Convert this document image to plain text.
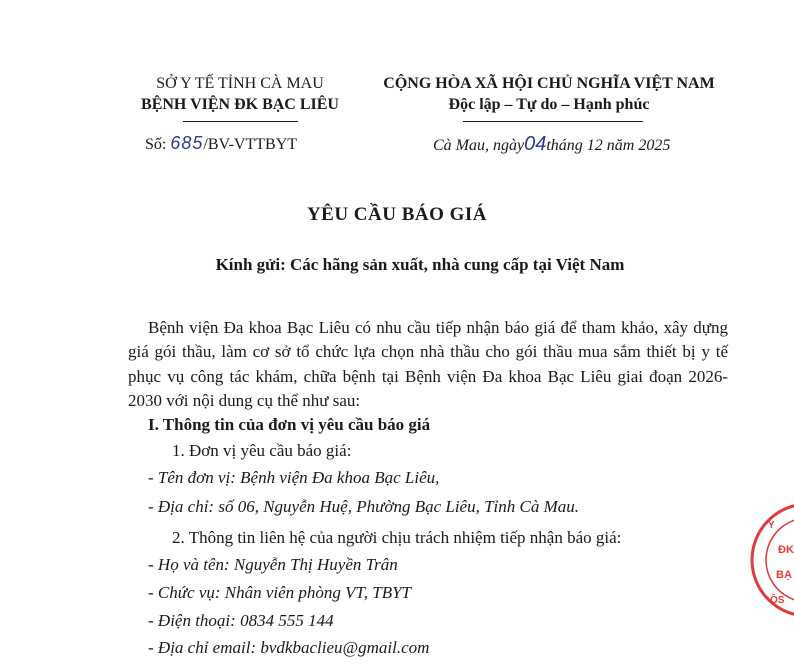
SỞ Y TẾ TỈNH CÀ MAU
BỆNH VIỆN ĐK BẠC LIÊU
Số: 685/BV-VTTBYT
CỘNG HÒA XÃ HỘI CHỦ NGHĨA VIỆT NAM
Độc lập – Tự do – Hạnh phúc
Cà Mau, ngày04tháng 12 năm 2025
YÊU CẦU BÁO GIÁ
Kính gửi: Các hãng sản xuất, nhà cung cấp tại Việt Nam
Bệnh viện Đa khoa Bạc Liêu có nhu cầu tiếp nhận báo giá để tham khảo, xây dựng giá gói thầu, làm cơ sở tổ chức lựa chọn nhà thầu cho gói thầu mua sắm thiết bị y tế phục vụ công tác khám, chữa bệnh tại Bệnh viện Đa khoa Bạc Liêu giai đoạn 2026-2030 với nội dung cụ thể như sau:
I. Thông tin của đơn vị yêu cầu báo giá
1. Đơn vị yêu cầu báo giá:
- Tên đơn vị: Bệnh viện Đa khoa Bạc Liêu,
- Địa chỉ: số 06, Nguyễn Huệ, Phường Bạc Liêu, Tỉnh Cà Mau.
2. Thông tin liên hệ của người chịu trách nhiệm tiếp nhận báo giá:
- Họ và tên: Nguyễn Thị Huyền Trân
- Chức vụ: Nhân viên phòng VT, TBYT
- Điện thoại: 0834 555 144
- Địa chỉ email: bvdkbaclieu@gmail.com
Y
ĐK
BẠ
ỒS
